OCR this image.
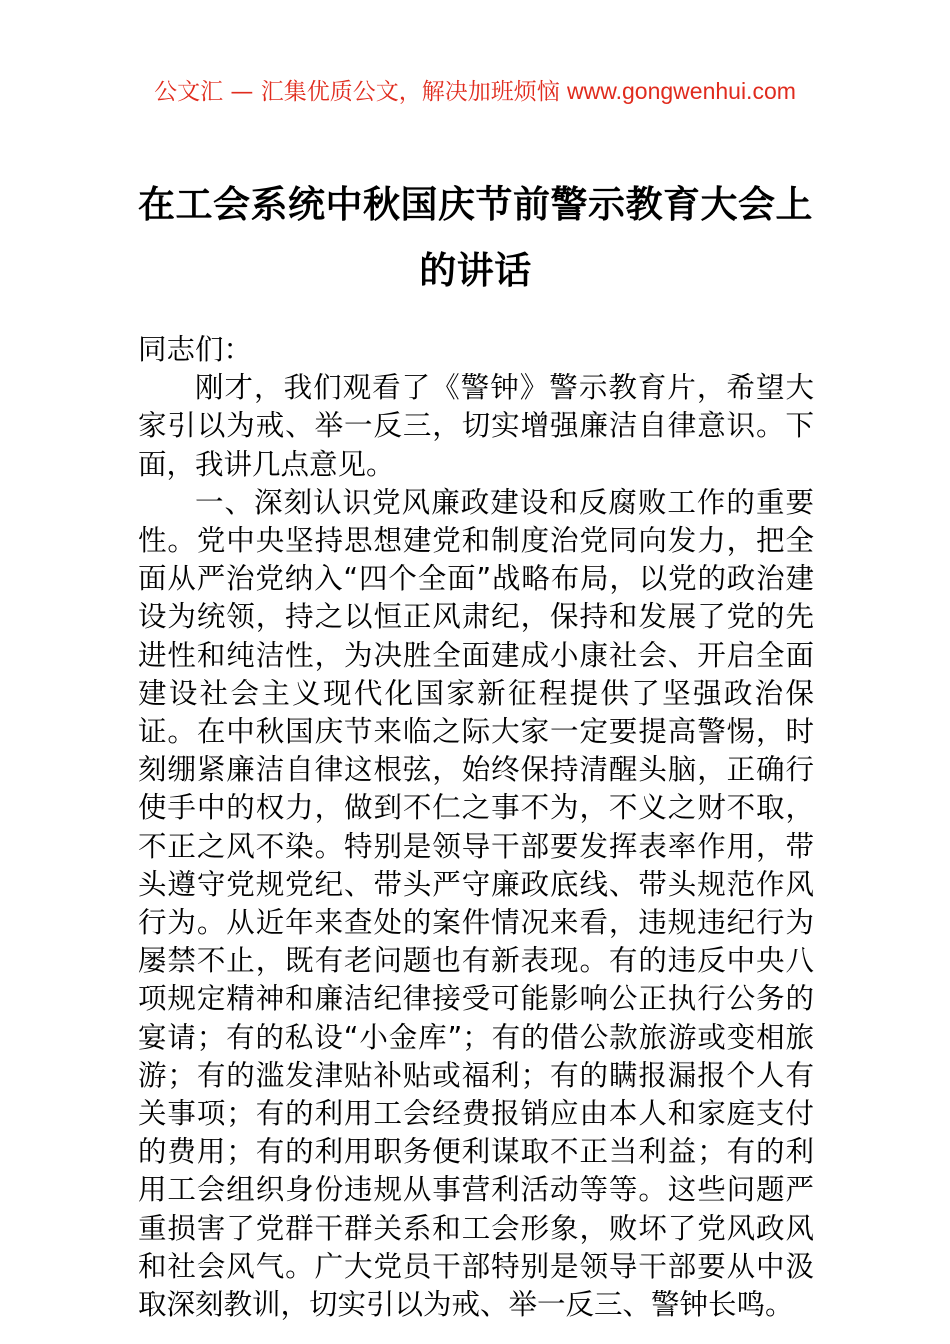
公文汇 — 汇集优质公文，解决加班烦恼 www.gongwenhui.com
在工会系统中秋国庆节前警示教育大会上的讲话

同志们：

刚才，我们观看了《警钟》警示教育片，希望大家引以为戒、举一反三，切实增强廉洁自律意识。下面，我讲几点意见。

一、深刻认识党风廉政建设和反腐败工作的重要性。党中央坚持思想建党和制度治党同向发力，把全面从严治党纳入“四个全面”战略布局，以党的政治建设为统领，持之以恒正风肃纪，保持和发展了党的先进性和纯洁性，为决胜全面建成小康社会、开启全面建设社会主义现代化国家新征程提供了坚强政治保证。在中秋国庆节来临之际大家一定要提高警惕，时刻绷紧廉洁自律这根弦，始终保持清醒头脑，正确行使手中的权力，做到不仁之事不为，不义之财不取，不正之风不染。特别是领导干部要发挥表率作用，带头遵守党规党纪、带头严守廉政底线、带头规范作风行为。从近年来查处的案件情况来看，违规违纪行为屡禁不止，既有老问题也有新表现。有的违反中央八项规定精神和廉洁纪律接受可能影响公正执行公务的宴请；有的私设“小金库”；有的借公款旅游或变相旅游；有的滥发津贴补贴或福利；有的瞒报漏报个人有关事项；有的利用工会经费报销应由本人和家庭支付的费用；有的利用职务便利谋取不正当利益；有的利用工会组织身份违规从事营利活动等等。这些问题严重损害了党群干群关系和工会形象，败坏了党风政风和社会风气。广大党员干部特别是领导干部要从中汲取深刻教训，切实引以为戒、举一反三、警钟长鸣。
